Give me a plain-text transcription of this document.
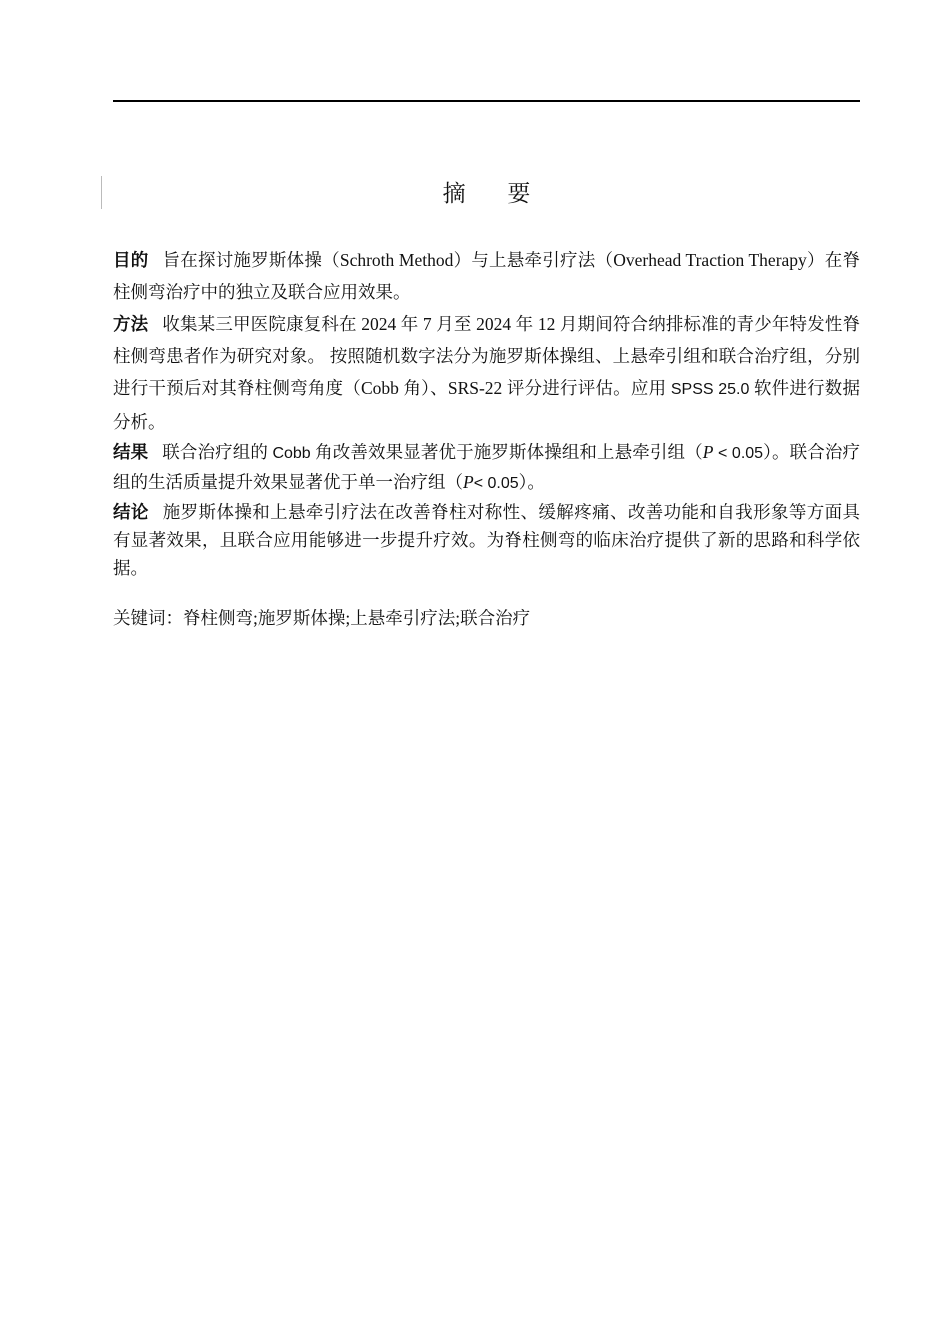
摘 要

目的 旨在探讨施罗斯体操（Schroth Method）与上悬牵引疗法（Overhead Traction Therapy）在脊柱侧弯治疗中的独立及联合应用效果。

方法 收集某三甲医院康复科在 2024 年 7 月至 2024 年 12 月期间符合纳排标准的青少年特发性脊柱侧弯患者作为研究对象。 按照随机数字法分为施罗斯体操组、上悬牵引组和联合治疗组，分别进行干预后对其脊柱侧弯角度（Cobb 角）、SRS-22 评分进行评估。应用 SPSS 25.0 软件进行数据分析。

结果 联合治疗组的 Cobb 角改善效果显著优于施罗斯体操组和上悬牵引组（P < 0.05）。联合治疗组的生活质量提升效果显著优于单一治疗组（P< 0.05）。

结论 施罗斯体操和上悬牵引疗法在改善脊柱对称性、缓解疼痛、改善功能和自我形象等方面具有显著效果，且联合应用能够进一步提升疗效。为脊柱侧弯的临床治疗提供了新的思路和科学依据。

关键词：脊柱侧弯;施罗斯体操;上悬牵引疗法;联合治疗
